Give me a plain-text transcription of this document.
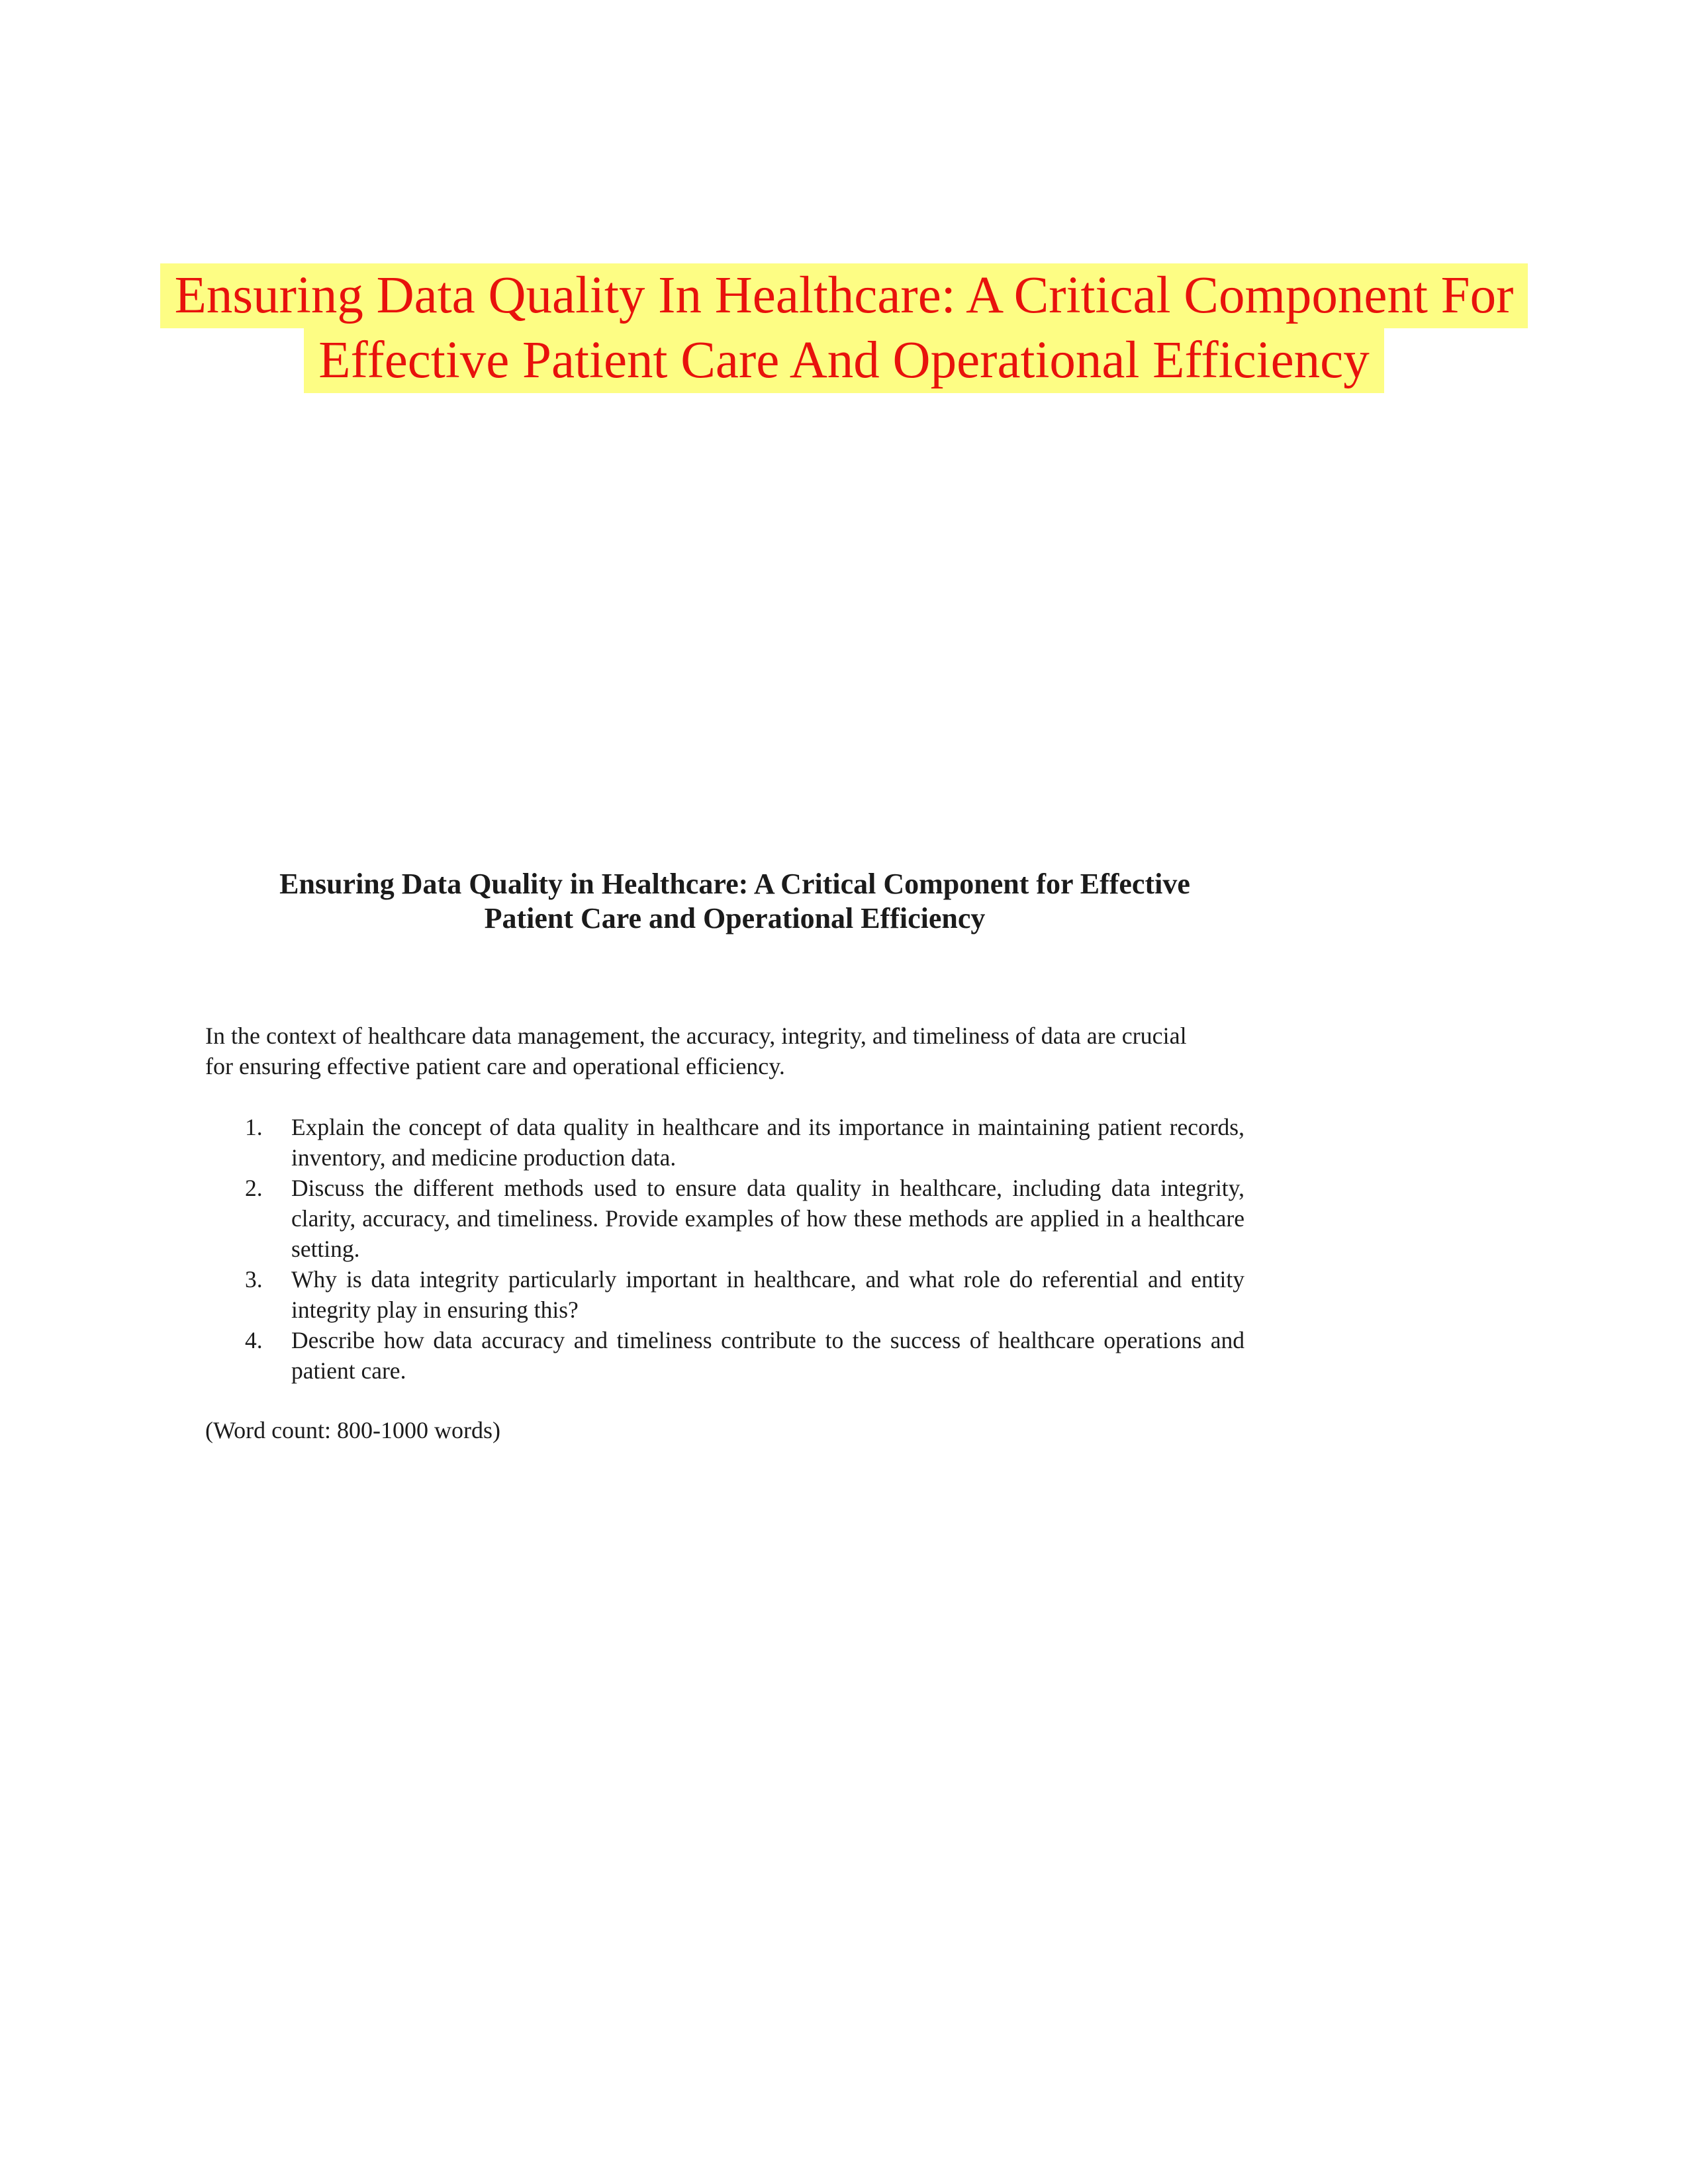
Ensuring Data Quality In Healthcare: A Critical Component For
Effective Patient Care And Operational Efficiency
Ensuring Data Quality in Healthcare: A Critical Component for Effective
Patient Care and Operational Efficiency
In the context of healthcare data management, the accuracy, integrity, and timeliness of data are crucial for ensuring effective patient care and operational efficiency.
1. Explain the concept of data quality in healthcare and its importance in maintaining patient records, inventory, and medicine production data.
2. Discuss the different methods used to ensure data quality in healthcare, including data integrity, clarity, accuracy, and timeliness. Provide examples of how these methods are applied in a healthcare setting.
3. Why is data integrity particularly important in healthcare, and what role do referential and entity integrity play in ensuring this?
4. Describe how data accuracy and timeliness contribute to the success of healthcare operations and patient care.
(Word count: 800-1000 words)
